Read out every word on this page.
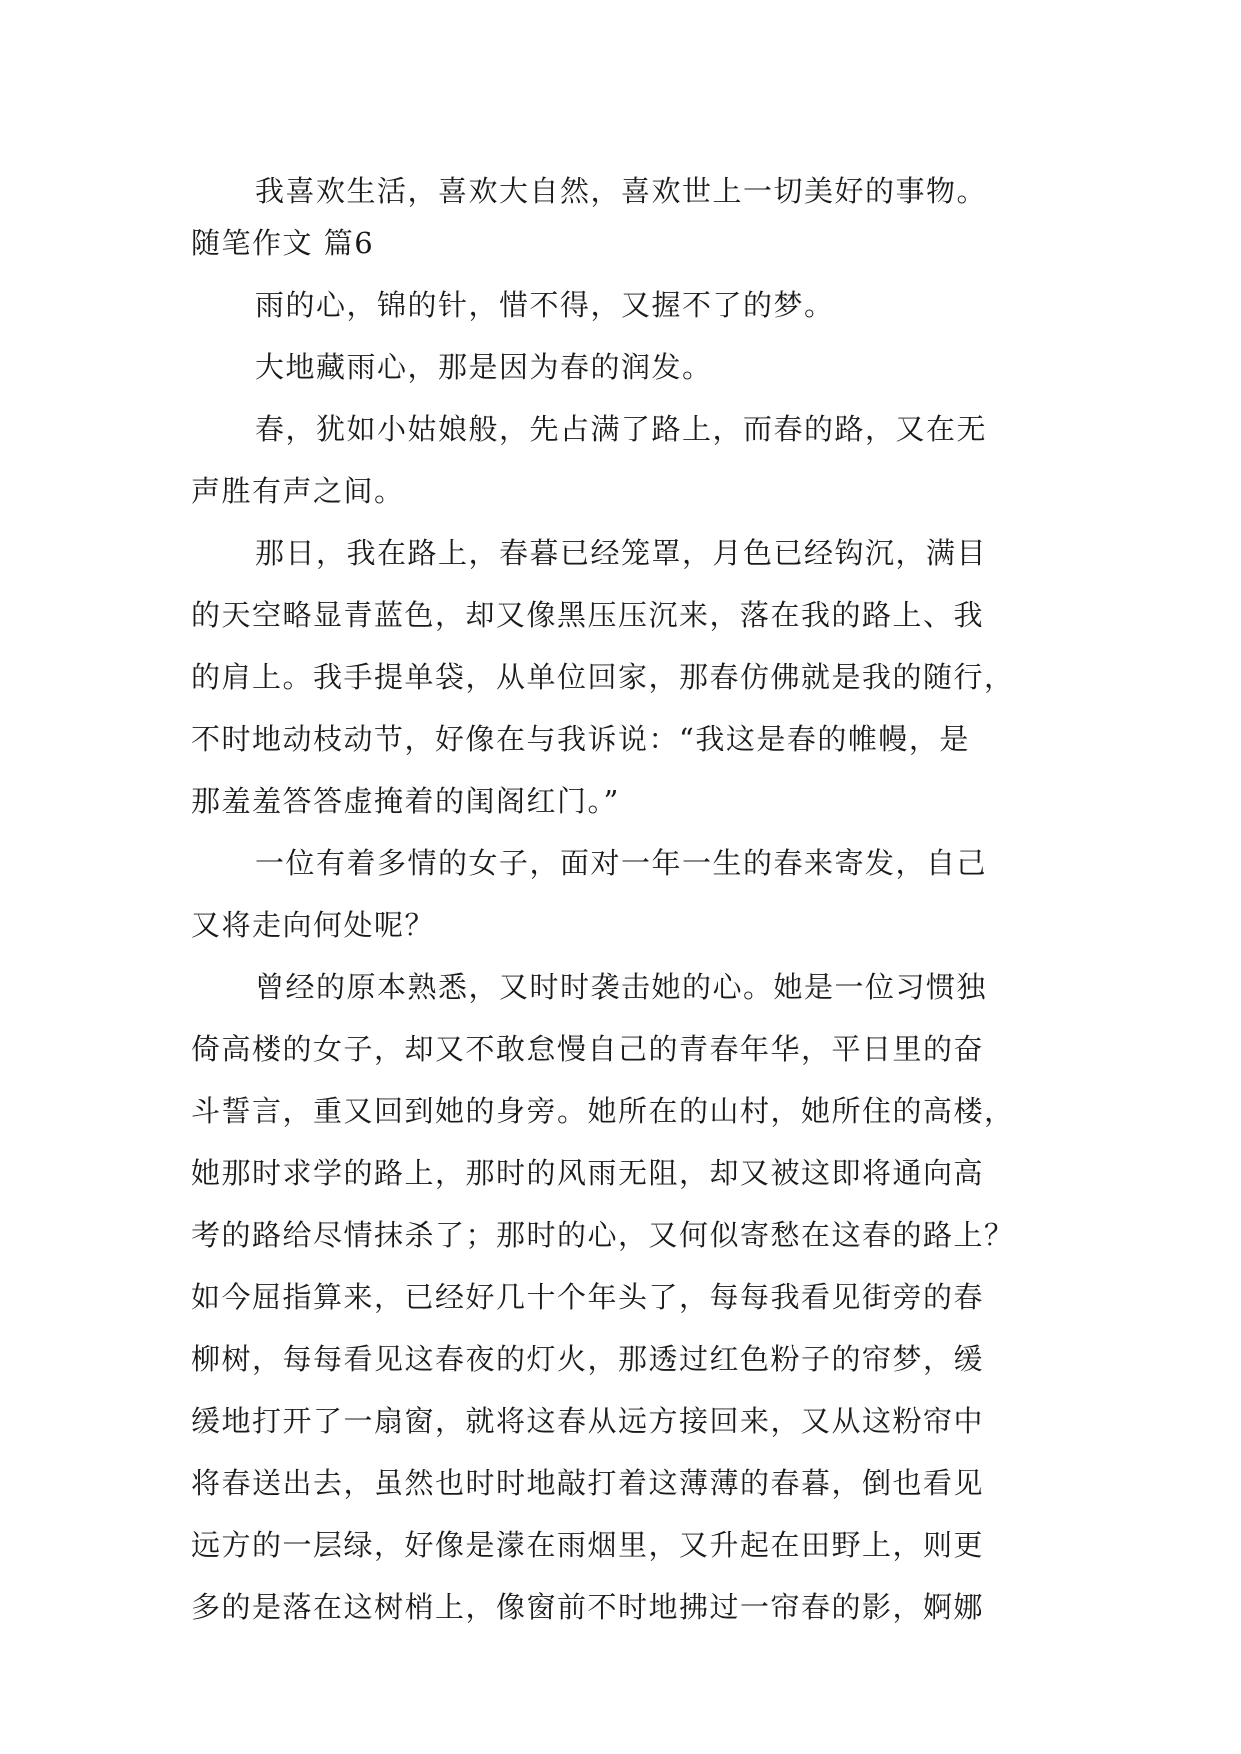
我喜欢生活，喜欢大自然，喜欢世上一切美好的事物。
随笔作文 篇6
雨的心，锦的针，惜不得，又握不了的梦。
大地藏雨心，那是因为春的润发。
春，犹如小姑娘般，先占满了路上，而春的路，又在无
声胜有声之间。
那日，我在路上，春暮已经笼罩，月色已经钩沉，满目
的天空略显青蓝色，却又像黑压压沉来，落在我的路上、我
的肩上。我手提单袋，从单位回家，那春仿佛就是我的随行，
不时地动枝动节，好像在与我诉说：“我这是春的帷幔，是
那羞羞答答虚掩着的闺阁红门。”
一位有着多情的女子，面对一年一生的春来寄发，自己
又将走向何处呢？
曾经的原本熟悉，又时时袭击她的心。她是一位习惯独
倚高楼的女子，却又不敢怠慢自己的青春年华，平日里的奋
斗誓言，重又回到她的身旁。她所在的山村，她所住的高楼，
她那时求学的路上，那时的风雨无阻，却又被这即将通向高
考的路给尽情抹杀了；那时的心，又何似寄愁在这春的路上？
如今屈指算来，已经好几十个年头了，每每我看见街旁的春
柳树，每每看见这春夜的灯火，那透过红色粉子的帘梦，缓
缓地打开了一扇窗，就将这春从远方接回来，又从这粉帘中
将春送出去，虽然也时时地敲打着这薄薄的春暮，倒也看见
远方的一层绿，好像是濛在雨烟里，又升起在田野上，则更
多的是落在这树梢上，像窗前不时地拂过一帘春的影，婀娜
